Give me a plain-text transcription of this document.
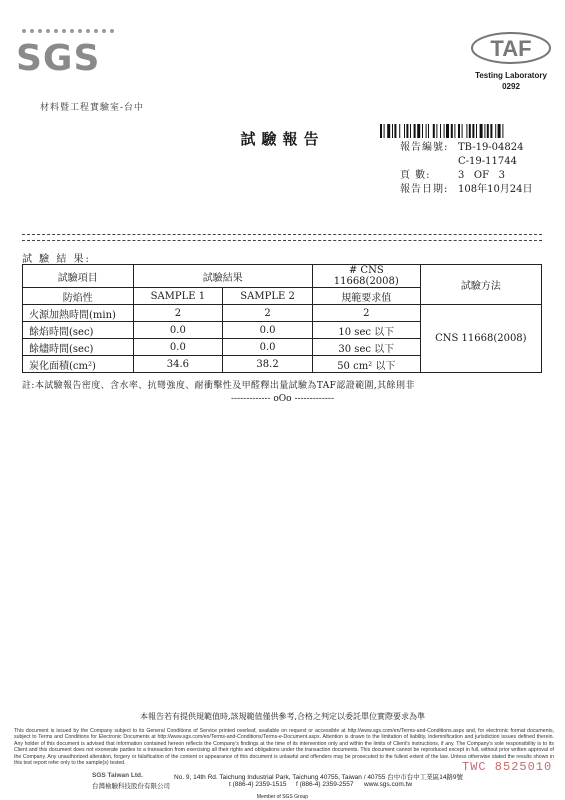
SGS
材料暨工程實驗室-台中
TAF
Testing Laboratory
0292
試驗報告	報告編號: TB-19-04824
C-19-11744
頁 數:	3 OF 3
報告日期: 108年10月24日
試 驗 結 果:
試驗項目	試驗結果		# CNS 11668(2008)	試驗方法
防焰性	SAMPLE 1	SAMPLE 2	規範要求值	
火源加熱時間(min)	2	2	2	CNS 11668(2008)
餘焰時間(sec)	0.0	0.0	10 sec 以下	
餘燼時間(sec)	0.0	0.0	30 sec 以下	
炭化面積(cm²)	34.6	38.2	50 cm² 以下	
註:本試驗報告密度、含水率、抗彎強度、耐衝擊性及甲醛釋出量試驗為TAF認證範圍,其餘則非
------------- oOo -------------
本報告若有提供規範值時,該規範值僅供參考,合格之判定以委託單位實際要求為準
This document is issued by the Company subject to its General Conditions of Service printed overleaf, available on request or accessible at http://www.sgs.com/en/Terms-and-Conditions.aspx and, for electronic format documents, subject to Terms and Conditions for Electronic Documents at http://www.sgs.com/en/Terms-and-Conditions/Terms-e-Document.aspx. Attention is drawn to the limitation of liability, indemnification and jurisdiction issues defined therein. Any holder of this document is advised that information contained hereon reflects the Company's findings at the time of its intervention only and within the limits of Client's instructions, if any. The Company's sole responsibility is to its Client and this document does not exonerate parties to a transaction from exercising all their rights and obligations under the transaction documents. This document cannot be reproduced except in full, without prior written approval of the Company. Any unauthorized alteration, forgery or falsification of the content or appearance of this document is unlawful and offenders may be prosecuted to the fullest extent of the law. Unless otherwise stated the results shown in this test report refer only to the sample(s) tested.	TWC 8525010
SGS Taiwan Ltd.	No. 9, 14th Rd. Taichung Industrial Park, Taichung 40755, Taiwan / 40755 台中市台中工業區14路9號
台灣檢驗科技股份有限公司	t (886-4) 2359-1515 f (886-4) 2359-2557 www.sgs.com.tw
Member of SGS Group
